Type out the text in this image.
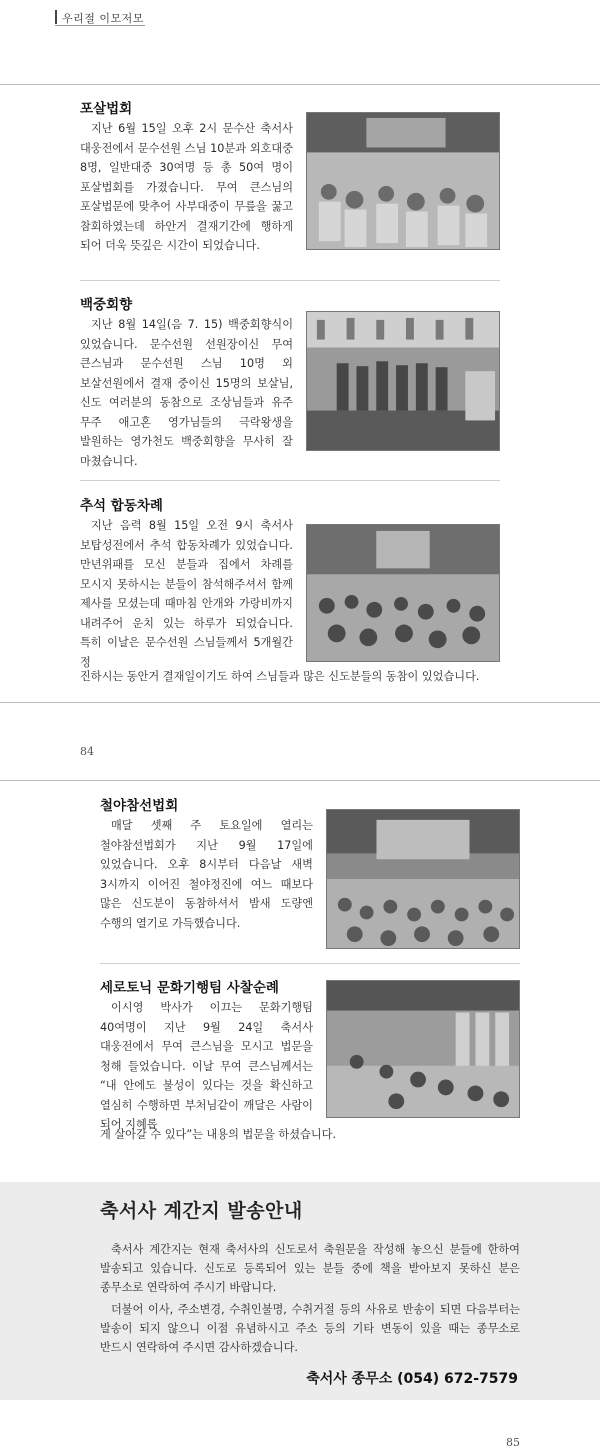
우리절 이모저모
포살법회
지난 6월 15일 오후 2시 문수산 축서사 대웅전에서 문수선원 스님 10분과 외호대중 8명, 일반대중 30여명 등 총 50여 명이 포살법회를 가졌습니다. 무여 큰스님의 포살법문에 맞추어 사부대중이 무릎을 꿇고 참회하였는데 하안거 결재기간에 행하게 되어 더욱 뜻깊은 시간이 되었습니다.
백중회향
지난 8월 14일(음 7. 15) 백중회향식이 있었습니다. 문수선원 선원장이신 무여 큰스님과 문수선원 스님 10명 외 보살선원에서 결재 중이신 15명의 보살님, 신도 여러분의 동참으로 조상님들과 유주 무주 애고혼 영가님들의 극락왕생을 발원하는 영가천도 백중회향을 무사히 잘 마쳤습니다.
추석 합동차례
지난 음력 8월 15일 오전 9시 축서사 보탑성전에서 추석 합동차례가 있었습니다. 만년위패를 모신 분들과 집에서 차례를 모시지 못하시는 분들이 참석해주셔서 함께 제사를 모셨는데 때마침 안개와 가랑비까지 내려주어 운치 있는 하루가 되었습니다. 특히 이날은 문수선원 스님들께서 5개월간 정
진하시는 동안거 결재일이기도 하여 스님들과 많은 신도분들의 동참이 있었습니다.
84
철야참선법회
매달 셋째 주 토요일에 열리는 철야참선법회가 지난 9월 17일에 있었습니다. 오후 8시부터 다음날 새벽 3시까지 이어진 철야정진에 여느 때보다 많은 신도분이 동참하셔서 밤새 도량엔 수행의 열기로 가득했습니다.
세로토닉 문화기행팀 사찰순례
이시영 박사가 이끄는 문화기행팀 40여명이 지난 9월 24일 축서사 대웅전에서 무여 큰스님을 모시고 법문을 청해 들었습니다. 이날 무여 큰스님께서는 “내 안에도 불성이 있다는 것을 확신하고 열심히 수행하면 부처님같이 깨달은 사람이 되어 지혜롭
게 살아갈 수 있다”는 내용의 법문을 하셨습니다.
축서사 계간지 발송안내
축서사 계간지는 현재 축서사의 신도로서 축원문을 작성해 놓으신 분들에 한하여 발송되고 있습니다. 신도로 등록되어 있는 분들 중에 책을 받아보지 못하신 분은 종무소로 연락하여 주시기 바랍니다.
더불어 이사, 주소변경, 수취인불명, 수취거절 등의 사유로 반송이 되면 다음부터는 발송이 되지 않으니 이점 유념하시고 주소 등의 기타 변동이 있을 때는 종무소로 반드시 연락하여 주시면 감사하겠습니다.
축서사 종무소 (054) 672-7579
85
